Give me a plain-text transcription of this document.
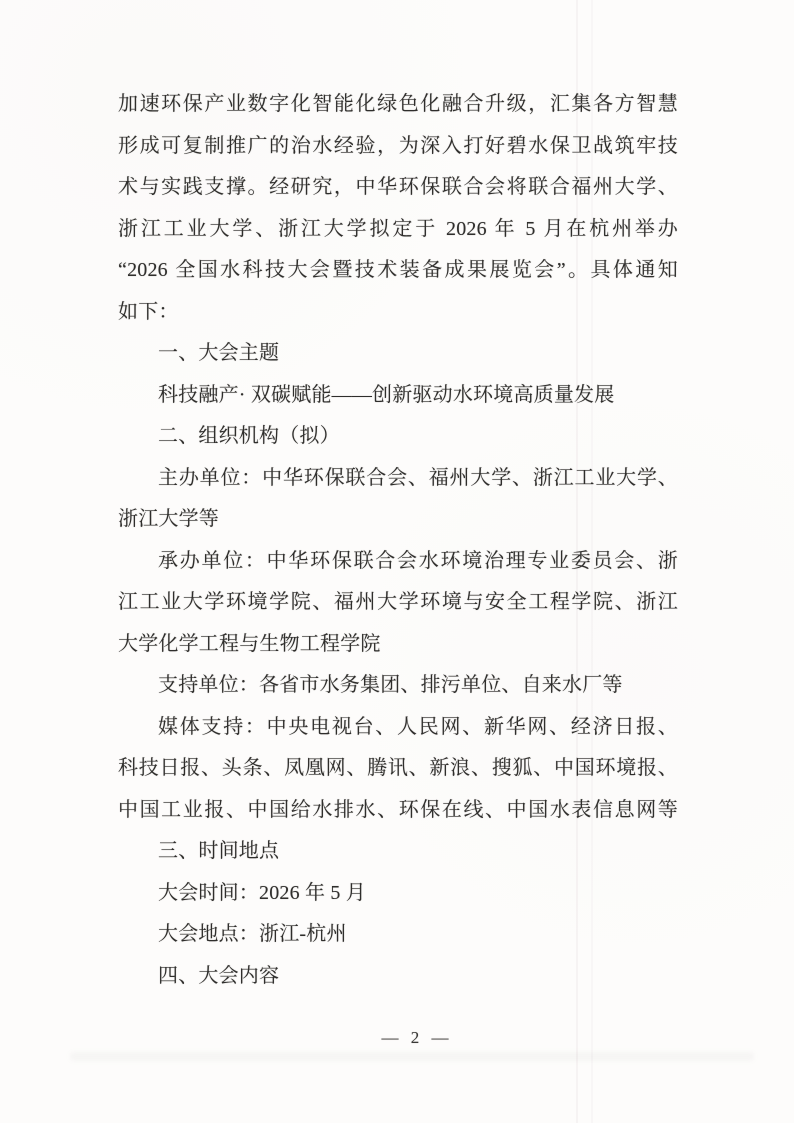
加速环保产业数字化智能化绿色化融合升级，汇集各方智慧
形成可复制推广的治水经验，为深入打好碧水保卫战筑牢技
术与实践支撑。经研究，中华环保联合会将联合福州大学、
浙江工业大学、浙江大学拟定于 2026 年 5 月在杭州举办
“2026 全国水科技大会暨技术装备成果展览会”。具体通知
如下：
一、大会主题
科技融产· 双碳赋能——创新驱动水环境高质量发展
二、组织机构（拟）
主办单位：中华环保联合会、福州大学、浙江工业大学、
浙江大学等
承办单位：中华环保联合会水环境治理专业委员会、浙
江工业大学环境学院、福州大学环境与安全工程学院、浙江
大学化学工程与生物工程学院
支持单位：各省市水务集团、排污单位、自来水厂等
媒体支持：中央电视台、人民网、新华网、经济日报、
科技日报、头条、凤凰网、腾讯、新浪、搜狐、中国环境报、
中国工业报、中国给水排水、环保在线、中国水表信息网等
三、时间地点
大会时间：2026 年 5 月
大会地点：浙江-杭州
四、大会内容
— 2 —
